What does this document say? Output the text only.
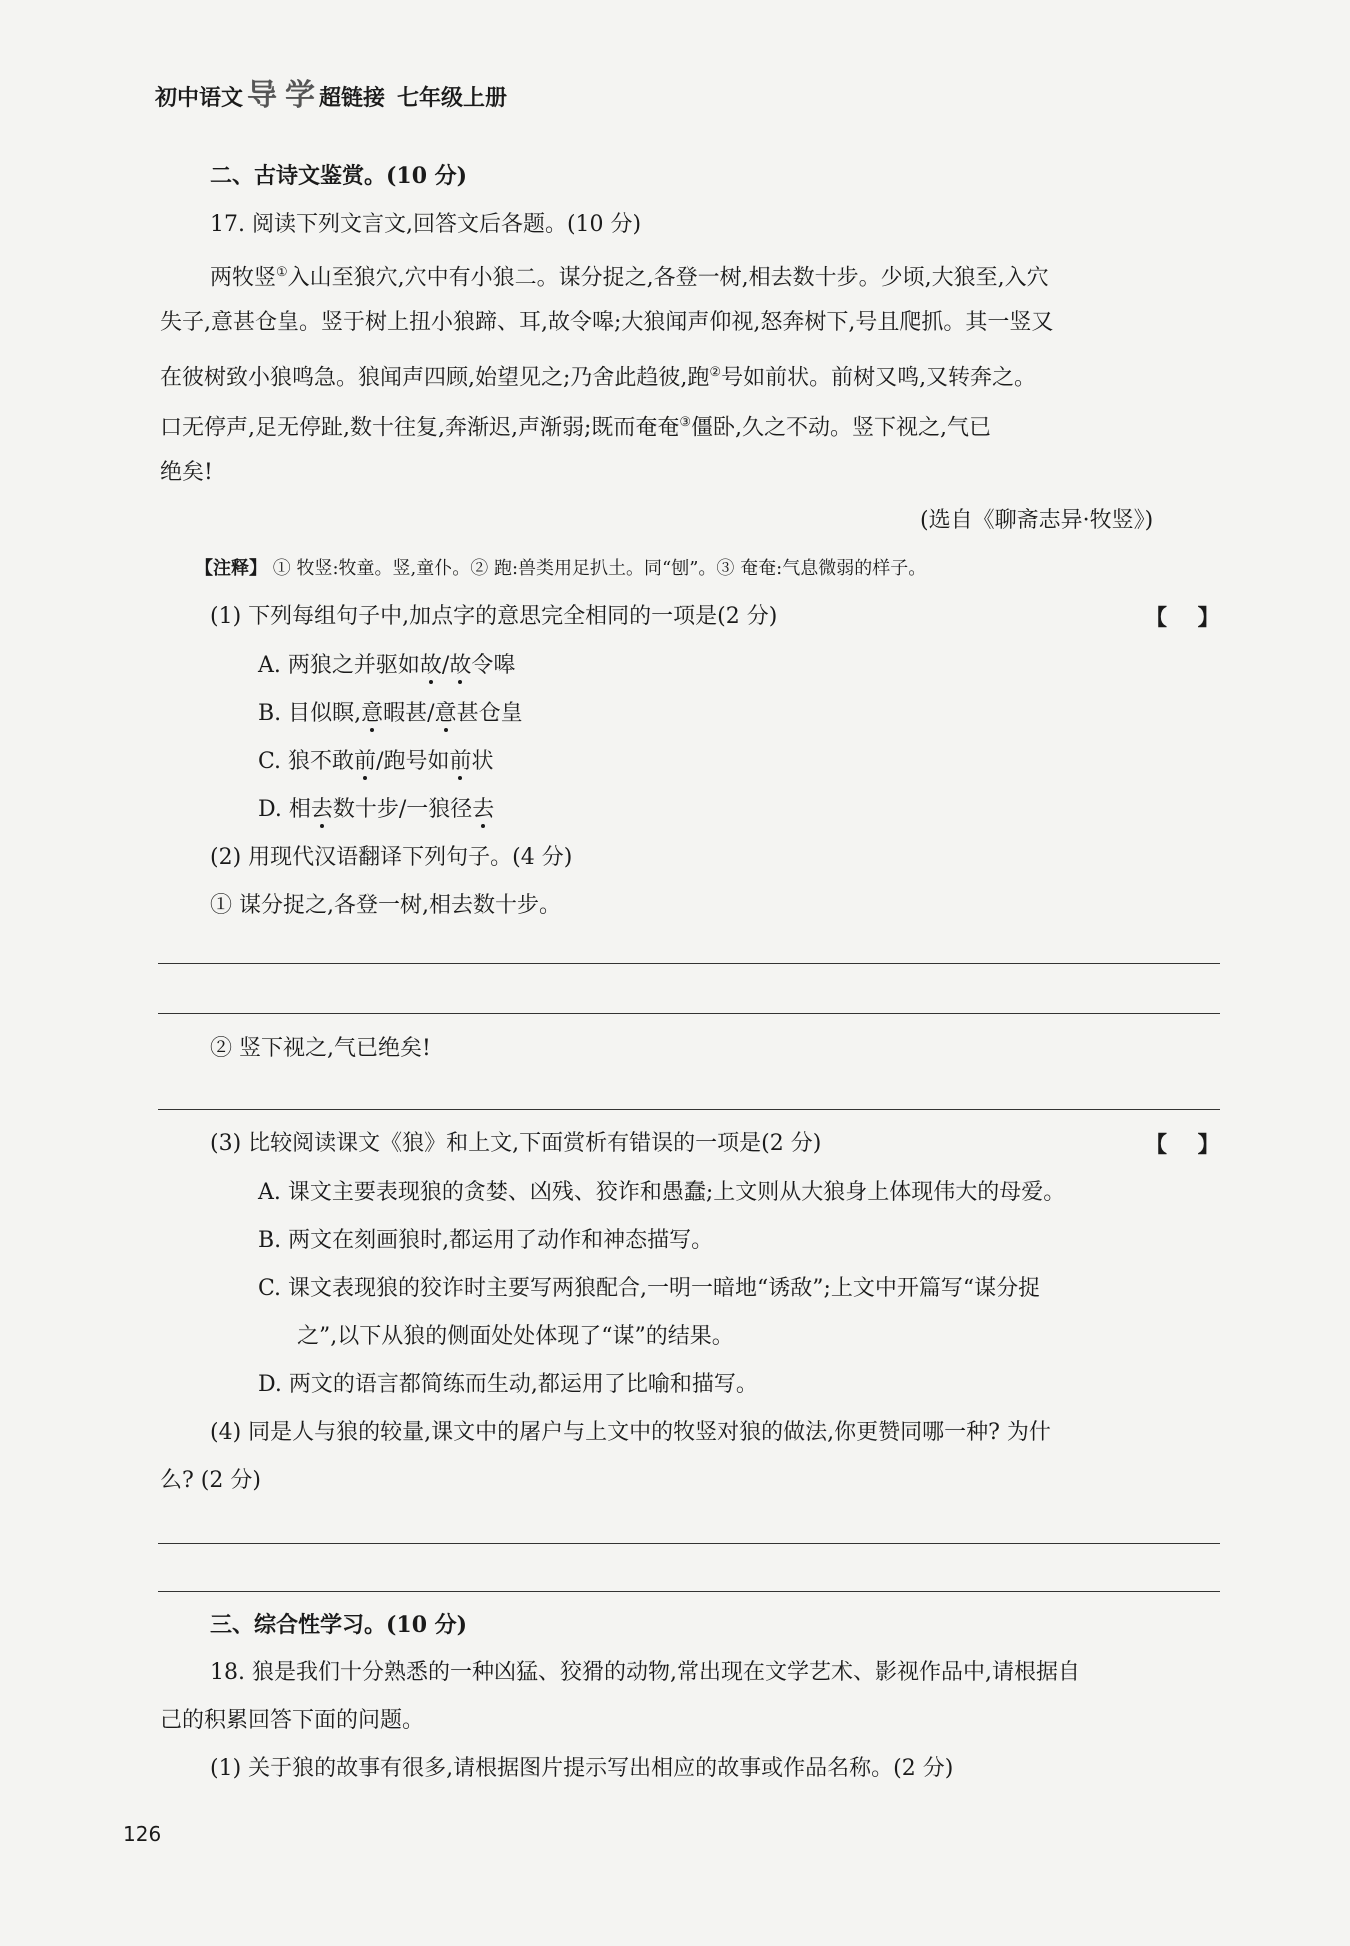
初中语文 导 学 超链接 七年级上册
二、古诗文鉴赏。(10 分)
17. 阅读下列文言文,回答文后各题。(10 分)
两牧竖①入山至狼穴,穴中有小狼二。谋分捉之,各登一树,相去数十步。少顷,大狼至,入穴
失子,意甚仓皇。竖于树上扭小狼蹄、耳,故令嗥;大狼闻声仰视,怒奔树下,号且爬抓。其一竖又
在彼树致小狼鸣急。狼闻声四顾,始望见之;乃舍此趋彼,跑②号如前状。前树又鸣,又转奔之。
口无停声,足无停趾,数十往复,奔渐迟,声渐弱;既而奄奄③僵卧,久之不动。竖下视之,气已
绝矣!
(选自《聊斋志异·牧竖》)
【注释】 ① 牧竖:牧童。竖,童仆。② 跑:兽类用足扒土。同“刨”。③ 奄奄:气息微弱的样子。
(1) 下列每组句子中,加点字的意思完全相同的一项是(2 分)	【    】
A. 两狼之并驱如故/故令嗥
B. 目似瞑,意暇甚/意甚仓皇
C. 狼不敢前/跑号如前状
D. 相去数十步/一狼径去
(2) 用现代汉语翻译下列句子。(4 分)
① 谋分捉之,各登一树,相去数十步。
② 竖下视之,气已绝矣!
(3) 比较阅读课文《狼》和上文,下面赏析有错误的一项是(2 分)	【    】
A. 课文主要表现狼的贪婪、凶残、狡诈和愚蠢;上文则从大狼身上体现伟大的母爱。
B. 两文在刻画狼时,都运用了动作和神态描写。
C. 课文表现狼的狡诈时主要写两狼配合,一明一暗地“诱敌”;上文中开篇写“谋分捉
之”,以下从狼的侧面处处体现了“谋”的结果。
D. 两文的语言都简练而生动,都运用了比喻和描写。
(4) 同是人与狼的较量,课文中的屠户与上文中的牧竖对狼的做法,你更赞同哪一种? 为什
么? (2 分)
三、综合性学习。(10 分)
18. 狼是我们十分熟悉的一种凶猛、狡猾的动物,常出现在文学艺术、影视作品中,请根据自
己的积累回答下面的问题。
(1) 关于狼的故事有很多,请根据图片提示写出相应的故事或作品名称。(2 分)
126
